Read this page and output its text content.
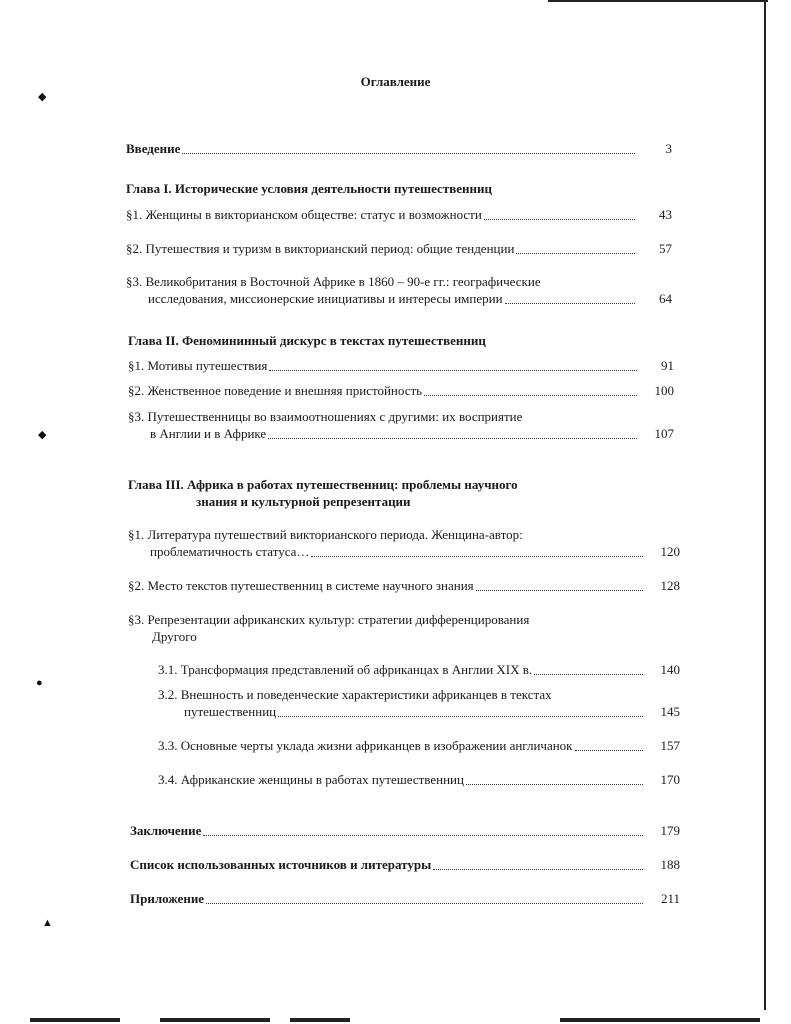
◆
◆
●
▲
Оглавление
Введение	3
Глава I. Исторические условия деятельности путешественниц
§1. Женщины в викторианском обществе: статус и возможности	43
§2. Путешествия и туризм в викторианский период: общие тенденции	57
§3. Великобритания в Восточной Африке в 1860 – 90-е гг.: географические
исследования, миссионерские инициативы и интересы империи	64
Глава II. Феномининный дискурс в текстах путешественниц
§1. Мотивы путешествия	91
§2. Женственное поведение и внешняя пристойность	100
§3. Путешественницы во взаимоотношениях с другими: их восприятие
в Англии и в Африке	107
Глава III. Африка в работах путешественниц: проблемы научного
знания и культурной репрезентации
§1. Литература путешествий викторианского периода. Женщина-автор:
проблематичность статуса…	120
§2. Место текстов путешественниц в системе научного знания	128
§3. Репрезентации африканских культур: стратегии дифференцирования
Другого
3.1. Трансформация представлений об африканцах в Англии XIX в.	140
3.2. Внешность и поведенческие характеристики африканцев в текстах
путешественниц	145
3.3. Основные черты уклада жизни африканцев в изображении англичанок	157
3.4. Африканские женщины в работах путешественниц	170
Заключение	179
Список использованных источников и литературы	188
Приложение	211
